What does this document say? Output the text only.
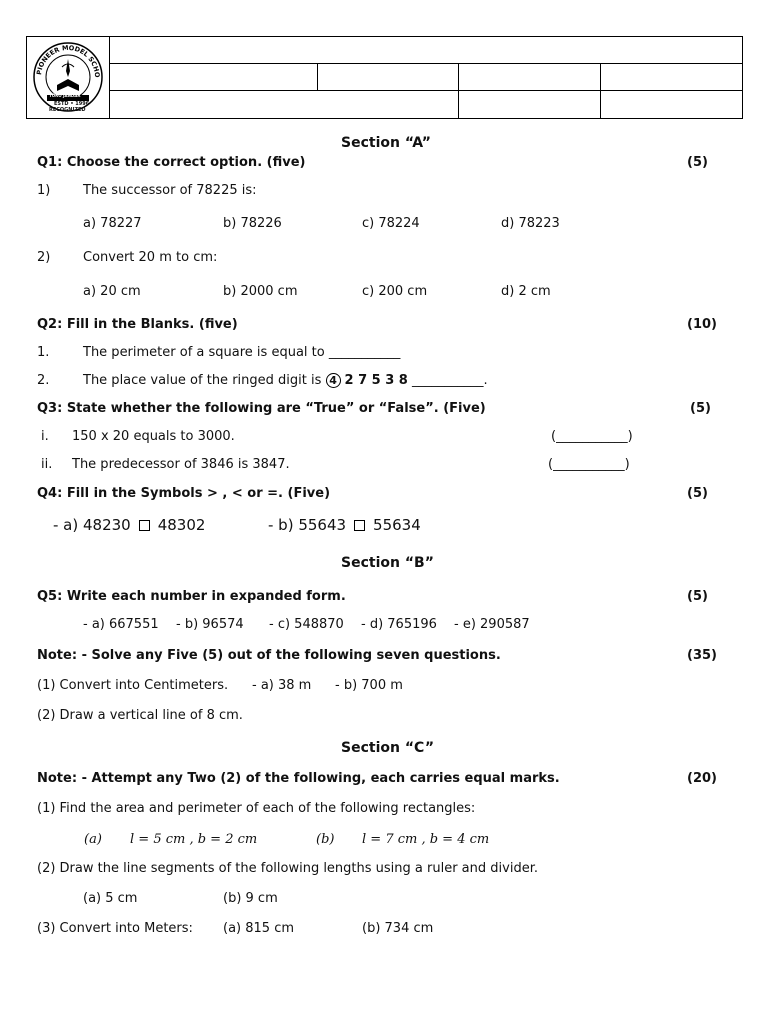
PIONEER MODEL SCHO
TORO JANDAR
ESTD • 1996
RECOGNIZED
Section “A”
Q1: Choose the correct option. (five)	(5)
1)	The successor of 78225 is:
a) 78227	b) 78226	c) 78224	d) 78223
2)	Convert 20 m to cm:
a) 20 cm	b) 2000 cm	c) 200 cm	d) 2 cm
Q2: Fill in the Blanks. (five)	(10)
1.	The perimeter of a square is equal to ___________
2.	The place value of the ringed digit is 4 2 7 5 3 8 ___________.
Q3: State whether the following are “True” or “False”. (Five)	(5)
i. 150 x 20 equals to 3000.	(___________)
ii. The predecessor of 3846 is 3847.	(___________)
Q4: Fill in the Symbols > , < or =. (Five)	(5)
- a) 48230 48302	- b) 55643 55634
Section “B”
Q5: Write each number in expanded form.	(5)
- a) 667551 - b) 96574 - c) 548870 - d) 765196 - e) 290587
Note: - Solve any Five (5) out of the following seven questions.	(35)
(1) Convert into Centimeters. - a) 38 m - b) 700 m
(2) Draw a vertical line of 8 cm.
Section “C”
Note: - Attempt any Two (2) of the following, each carries equal marks.	(20)
(1) Find the area and perimeter of each of the following rectangles:
(a) l = 5 cm , b = 2 cm	(b) l = 7 cm , b = 4 cm
(2) Draw the line segments of the following lengths using a ruler and divider.
(a) 5 cm	(b) 9 cm
(3) Convert into Meters: (a) 815 cm	(b) 734 cm
